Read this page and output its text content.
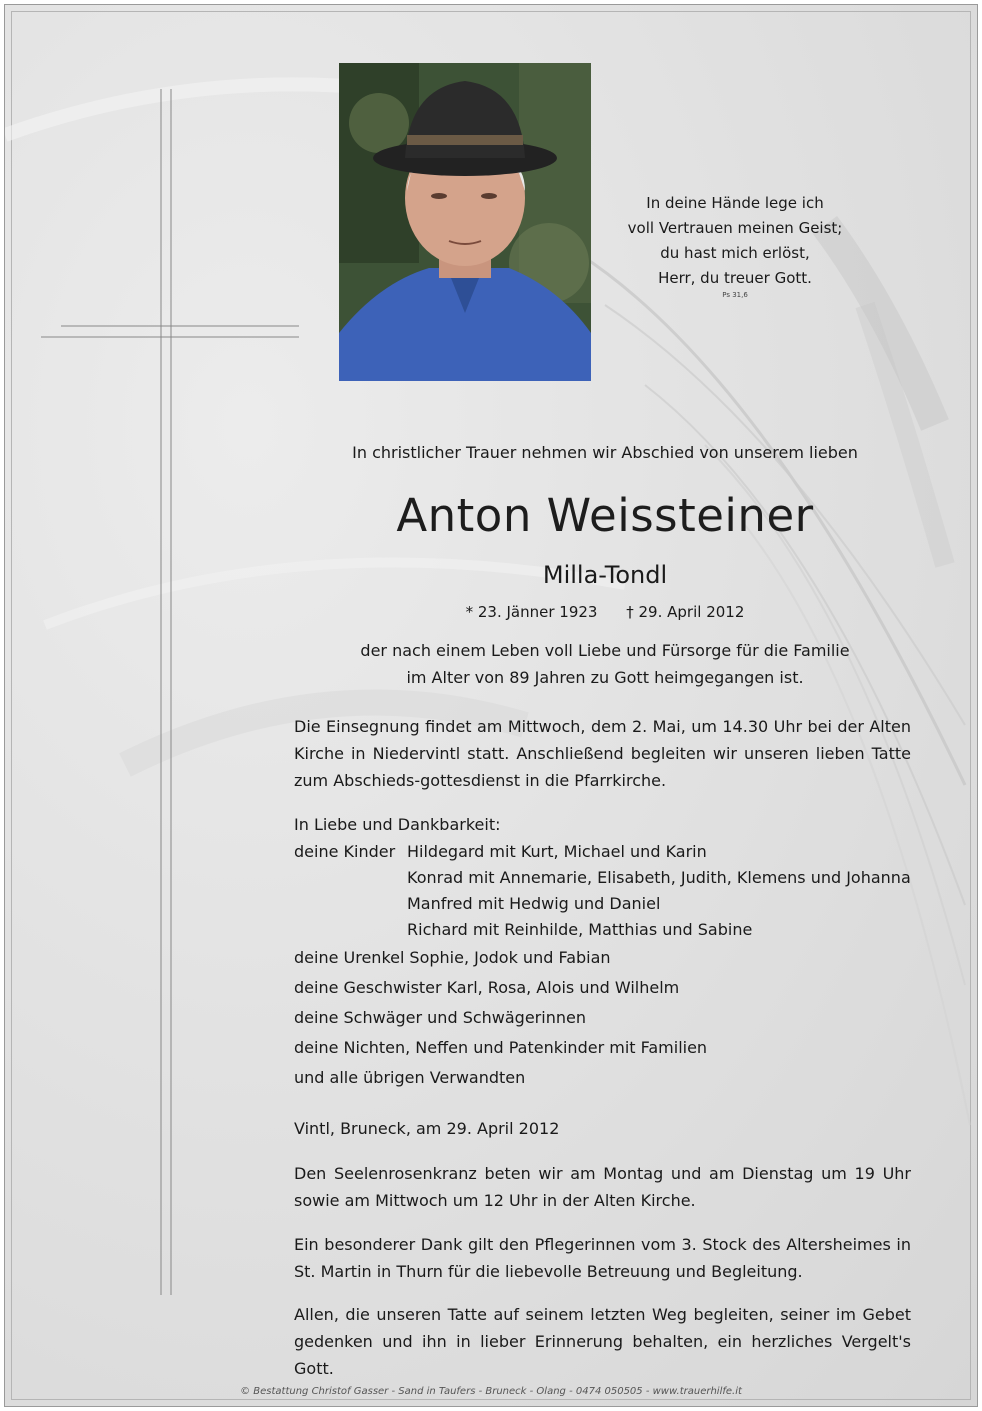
In deine Hände lege ich
voll Vertrauen meinen Geist;
du hast mich erlöst,
Herr, du treuer Gott.
Ps 31,6
In christlicher Trauer nehmen wir Abschied von unserem lieben
Anton Weissteiner
Milla-Tondl
* 23. Jänner 1923 † 29. April 2012
der nach einem Leben voll Liebe und Fürsorge für die Familie
im Alter von 89 Jahren zu Gott heimgegangen ist.
Die Einsegnung findet am Mittwoch, dem 2. Mai, um 14.30 Uhr bei der Alten Kirche in Niedervintl statt. Anschließend begleiten wir unseren lieben Tatte zum Abschieds-gottesdienst in die Pfarrkirche.
In Liebe und Dankbarkeit:
deine Kinder Hildegard mit Kurt, Michael und Karin
Konrad mit Annemarie, Elisabeth, Judith, Klemens und Johanna
Manfred mit Hedwig und Daniel
Richard mit Reinhilde, Matthias und Sabine
deine Urenkel Sophie, Jodok und Fabian
deine Geschwister Karl, Rosa, Alois und Wilhelm
deine Schwäger und Schwägerinnen
deine Nichten, Neffen und Patenkinder mit Familien
und alle übrigen Verwandten
Vintl, Bruneck, am 29. April 2012
Den Seelenrosenkranz beten wir am Montag und am Dienstag um 19 Uhr sowie am Mittwoch um 12 Uhr in der Alten Kirche.
Ein besonderer Dank gilt den Pflegerinnen vom 3. Stock des Altersheimes in St. Martin in Thurn für die liebevolle Betreuung und Begleitung.
Allen, die unseren Tatte auf seinem letzten Weg begleiten, seiner im Gebet gedenken und ihn in lieber Erinnerung behalten, ein herzliches Vergelt's Gott.
© Bestattung Christof Gasser - Sand in Taufers - Bruneck - Olang - 0474 050505 - www.trauerhilfe.it
